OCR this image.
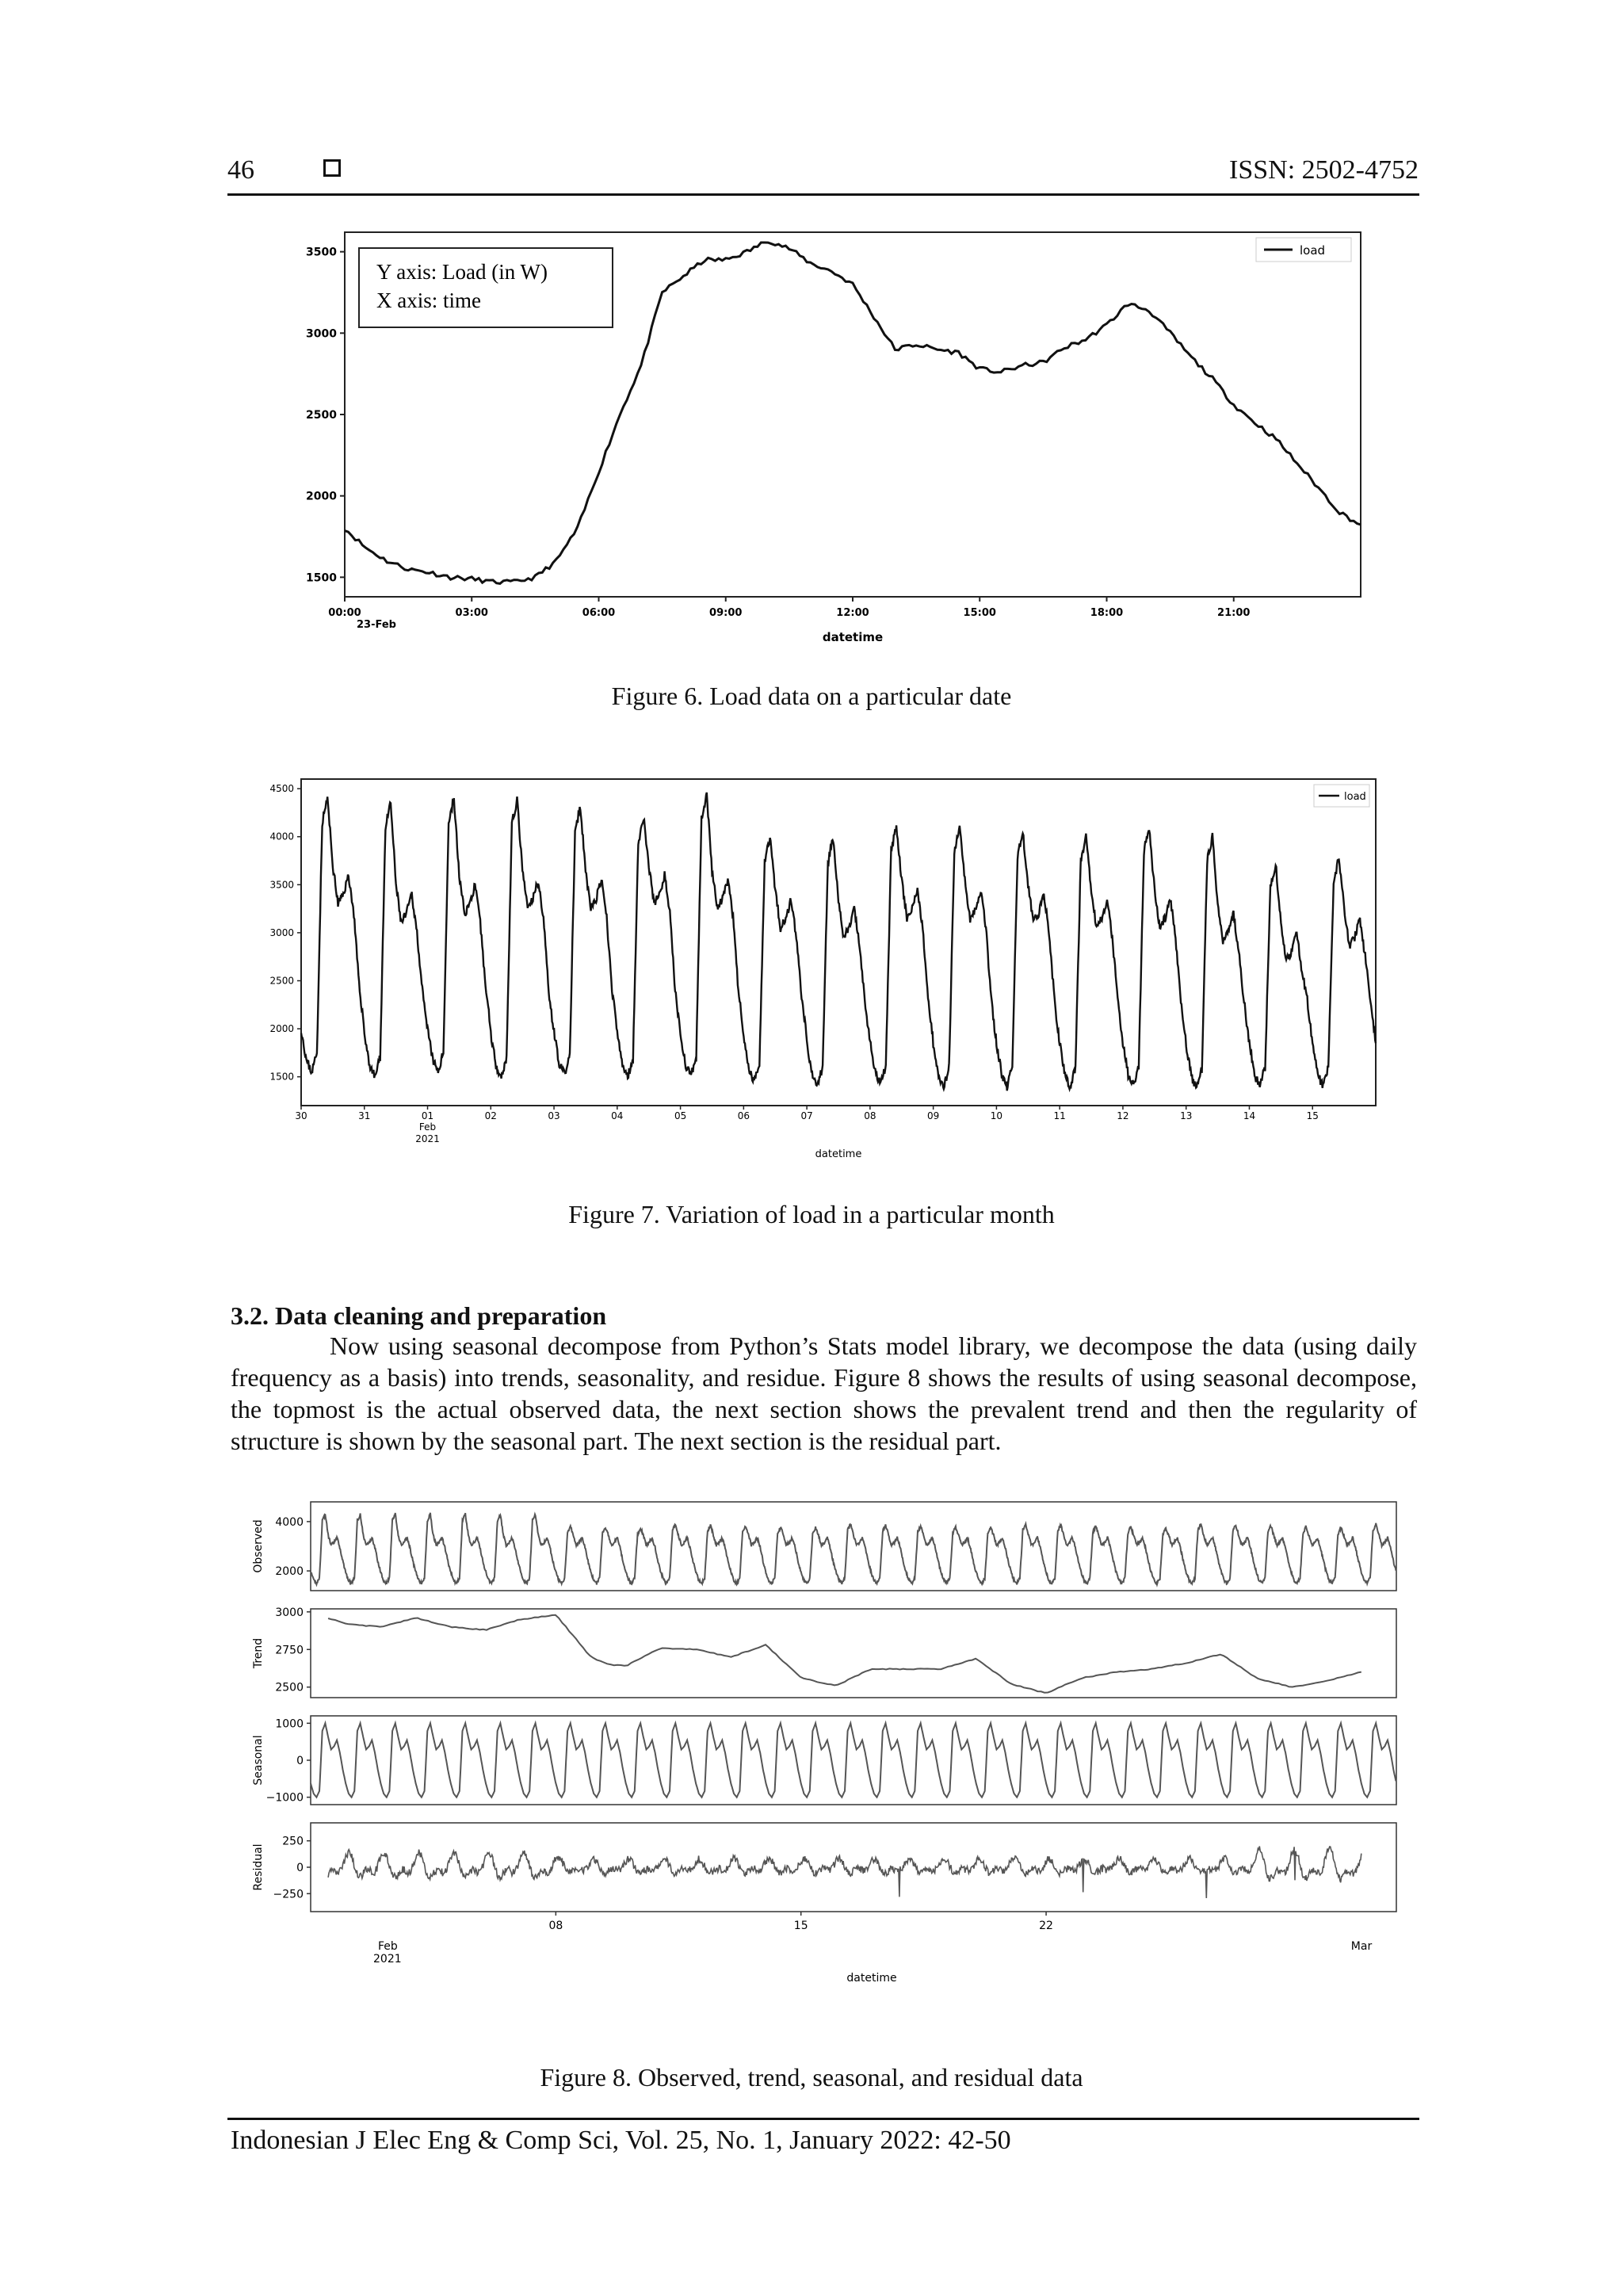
46	ISSN: 2502-4752
1500
2000
2500
3000
3500
00:00	03:00	06:00	09:00	12:00	15:00	18:00	21:00
Y axis: Load (in W)
X axis: time
load
23-Feb
datetime
Figure 6. Load data on a particular date
1500
2000
2500
3000
3500
4000
4500
30	31	01	02	03	04	05	06	07	08	09	10	11	12	13	14	15
load
Feb
2021
datetime
Figure 7. Variation of load in a particular month
3.2. Data cleaning and preparation

Now using seasonal decompose from Python’s Stats model library, we decompose the data (using daily frequency as a basis) into trends, seasonality, and residue. Figure 8 shows the results of using seasonal decompose, the topmost is the actual observed data, the next section shows the prevalent trend and then the regularity of structure is shown by the seasonal part. The next section is the residual part.

2000
4000
Observed
2500
2750
3000
Trend
−1000
0
1000
Seasonal
−250
0
250
Residual
08	15	22
Feb
2021
Mar
datetime
Figure 8. Observed, trend, seasonal, and residual data
Indonesian J Elec Eng & Comp Sci, Vol. 25, No. 1, January 2022: 42-50
